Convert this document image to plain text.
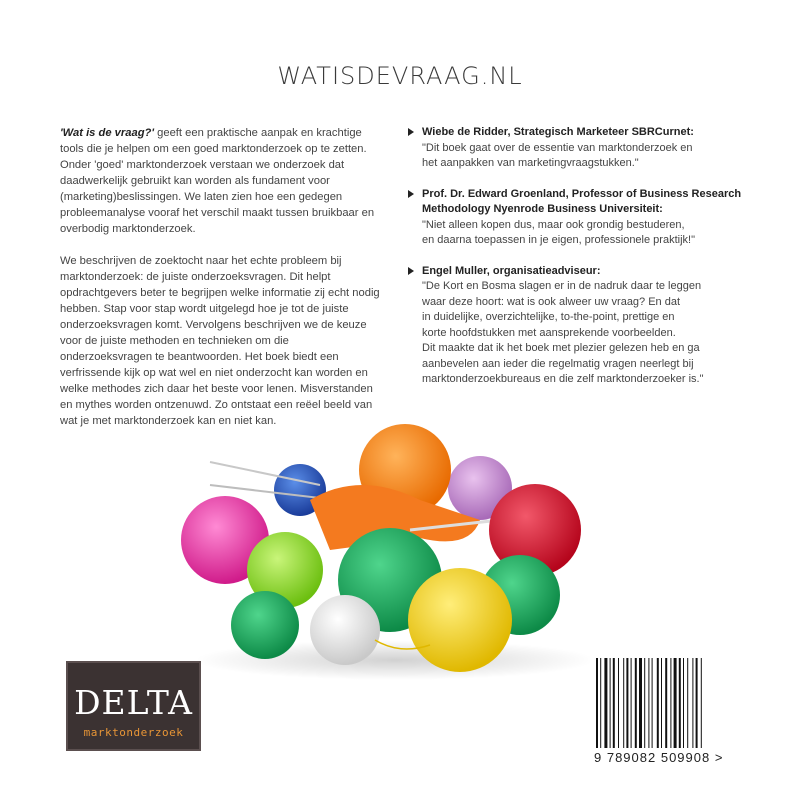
WATISDEVRAAG.NL

'Wat is de vraag?' geeft een praktische aanpak en krachtige tools die je helpen om een goed marktonderzoek op te zetten. Onder 'goed' marktonderzoek verstaan we onderzoek dat daadwerkelijk gebruikt kan worden als fundament voor (marketing)beslissingen. We laten zien hoe een gedegen probleemanalyse vooraf het verschil maakt tussen bruikbaar en overbodig marktonderzoek.

We beschrijven de zoektocht naar het echte probleem bij marktonderzoek: de juiste onderzoeksvragen. Dit helpt opdrachtgevers beter te begrijpen welke informatie zij echt nodig hebben. Stap voor stap wordt uitgelegd hoe je tot de juiste onderzoeksvragen komt. Vervolgens beschrijven we de keuze voor de juiste methoden en technieken om die onderzoeksvragen te beantwoorden. Het boek biedt een verfrissende kijk op wat wel en niet onderzocht kan worden en welke methodes zich daar het beste voor lenen. Misverstanden en mythes worden ontzenuwd. Zo ontstaat een reëel beeld van wat je met marktonderzoek kan en niet kan.

Wiebe de Ridder, Strategisch Marketeer SBRCurnet:
"Dit boek gaat over de essentie van marktonderzoek en
het aanpakken van marketingvraagstukken."
Prof. Dr. Edward Groenland, Professor of Business Research Methodology Nyenrode Business Universiteit:
"Niet alleen kopen dus, maar ook grondig bestuderen,
en daarna toepassen in je eigen, professionele praktijk!"
Engel Muller, organisatieadviseur:
"De Kort en Bosma slagen er in de nadruk daar te leggen
waar deze hoort: wat is ook alweer uw vraag? En dat
in duidelijke, overzichtelijke, to-the-point, prettige en
korte hoofdstukken met aansprekende voorbeelden.
Dit maakte dat ik het boek met plezier gelezen heb en ga
aanbevelen aan ieder die regelmatig vragen neerlegt bij
marktonderzoekbureaus en die zelf marktonderzoeker is."
DELTA
marktonderzoek
9 789082 509908 >
